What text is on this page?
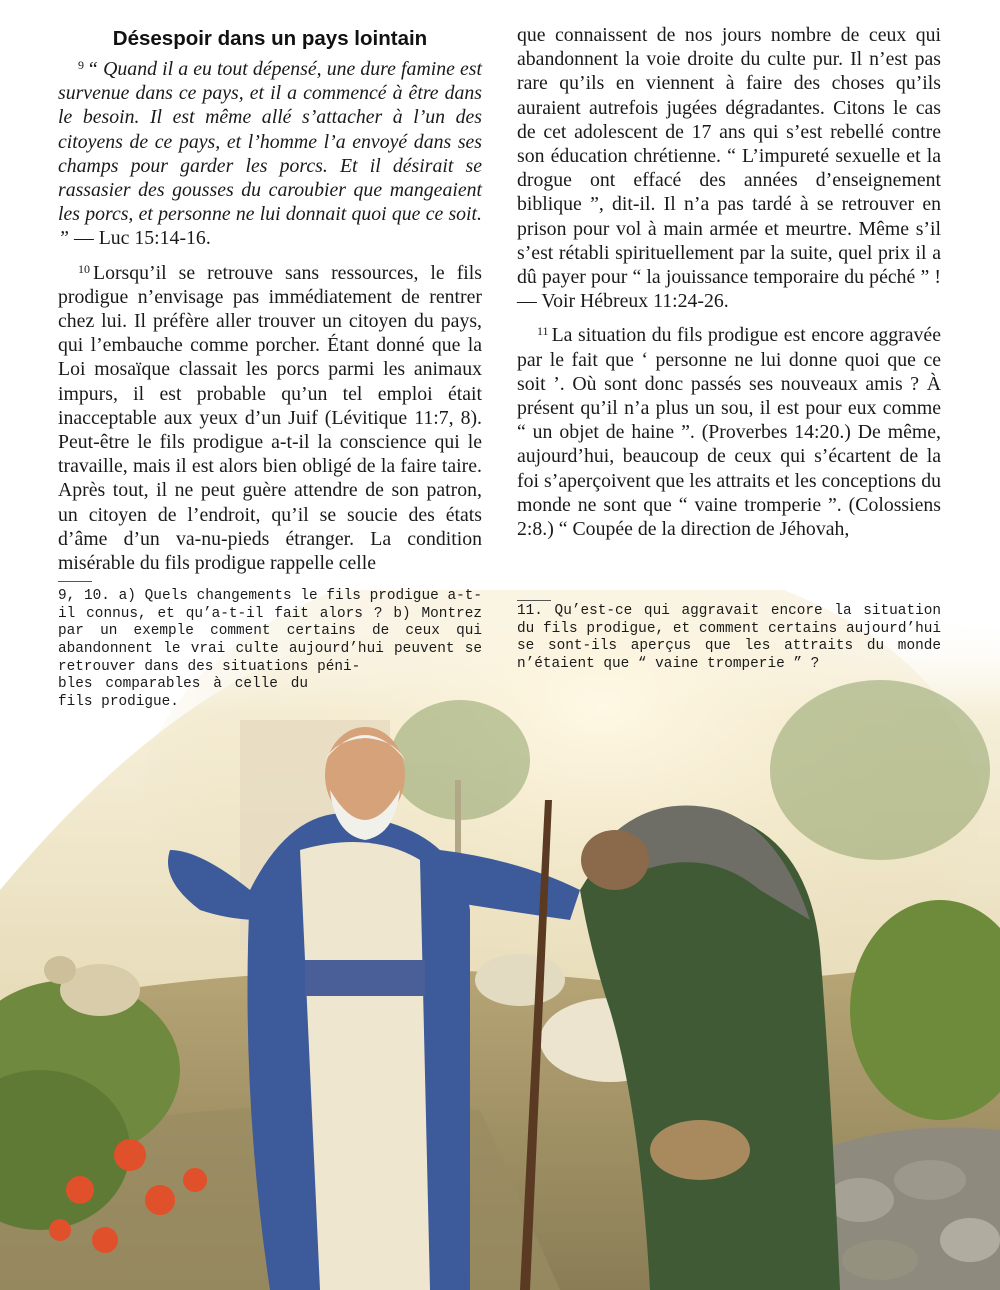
Désespoir dans un pays lointain

$^9$ “ Quand il a eu tout dépensé, une dure famine est survenue dans ce pays, et il a commencé à être dans le besoin. Il est même allé s’attacher à l’un des citoyens de ce pays, et l’homme l’a envoyé dans ses champs pour garder les porcs. Et il désirait se rassasier des gousses du caroubier que mangeaient les porcs, et personne ne lui donnait quoi que ce soit. ” — Luc 15:14-16.

$^{10}$ Lorsqu’il se retrouve sans ressources, le fils prodigue n’envisage pas immédiatement de rentrer chez lui. Il préfère aller trouver un citoyen du pays, qui l’embauche comme porcher. Étant donné que la Loi mosaïque classait les porcs parmi les animaux impurs, il est probable qu’un tel emploi était inacceptable aux yeux d’un Juif (Lévitique 11:7, 8). Peut-être le fils prodigue a-t-il la conscience qui le travaille, mais il est alors bien obligé de la faire taire. Après tout, il ne peut guère attendre de son patron, un citoyen de l’endroit, qu’il se soucie des états d’âme d’un va-nu-pieds étranger. La condition misérable du fils prodigue rappelle celle

9, 10. a) Quels changements le fils prodigue a-t-il connus, et qu’a-t-il fait alors ? b) Montrez par un exemple comment certains de ceux qui abandonnent le vrai culte aujourd’hui peuvent se retrouver dans des situations péni-
bles comparables à celle du fils prodigue.

que connaissent de nos jours nombre de ceux qui abandonnent la voie droite du culte pur. Il n’est pas rare qu’ils en viennent à faire des choses qu’ils auraient autrefois jugées dégradantes. Citons le cas de cet adolescent de 17 ans qui s’est rebellé contre son éducation chrétienne. “ L’impureté sexuelle et la drogue ont effacé des années d’enseignement biblique ”, dit-il. Il n’a pas tardé à se retrouver en prison pour vol à main armée et meurtre. Même s’il s’est rétabli spirituellement par la suite, quel prix il a dû payer pour “ la jouissance temporaire du péché ” ! — Voir Hébreux 11:24-26.

$^{11}$ La situation du fils prodigue est encore aggravée par le fait que ‘ personne ne lui donne quoi que ce soit ’. Où sont donc passés ses nouveaux amis ? À présent qu’il n’a plus un sou, il est pour eux comme “ un objet de haine ”. (Proverbes 14:20.) De même, aujourd’hui, beaucoup de ceux qui s’écartent de la foi s’aperçoivent que les attraits et les conceptions du monde ne sont que “ vaine tromperie ”. (Colossiens 2:8.) “ Coupée de la direction de Jéhovah,

11. Qu’est-ce qui aggravait encore la situation du fils prodigue, et comment certains aujourd’hui se sont-ils aperçus que les attraits du monde n’étaient que “ vaine tromperie ” ?
